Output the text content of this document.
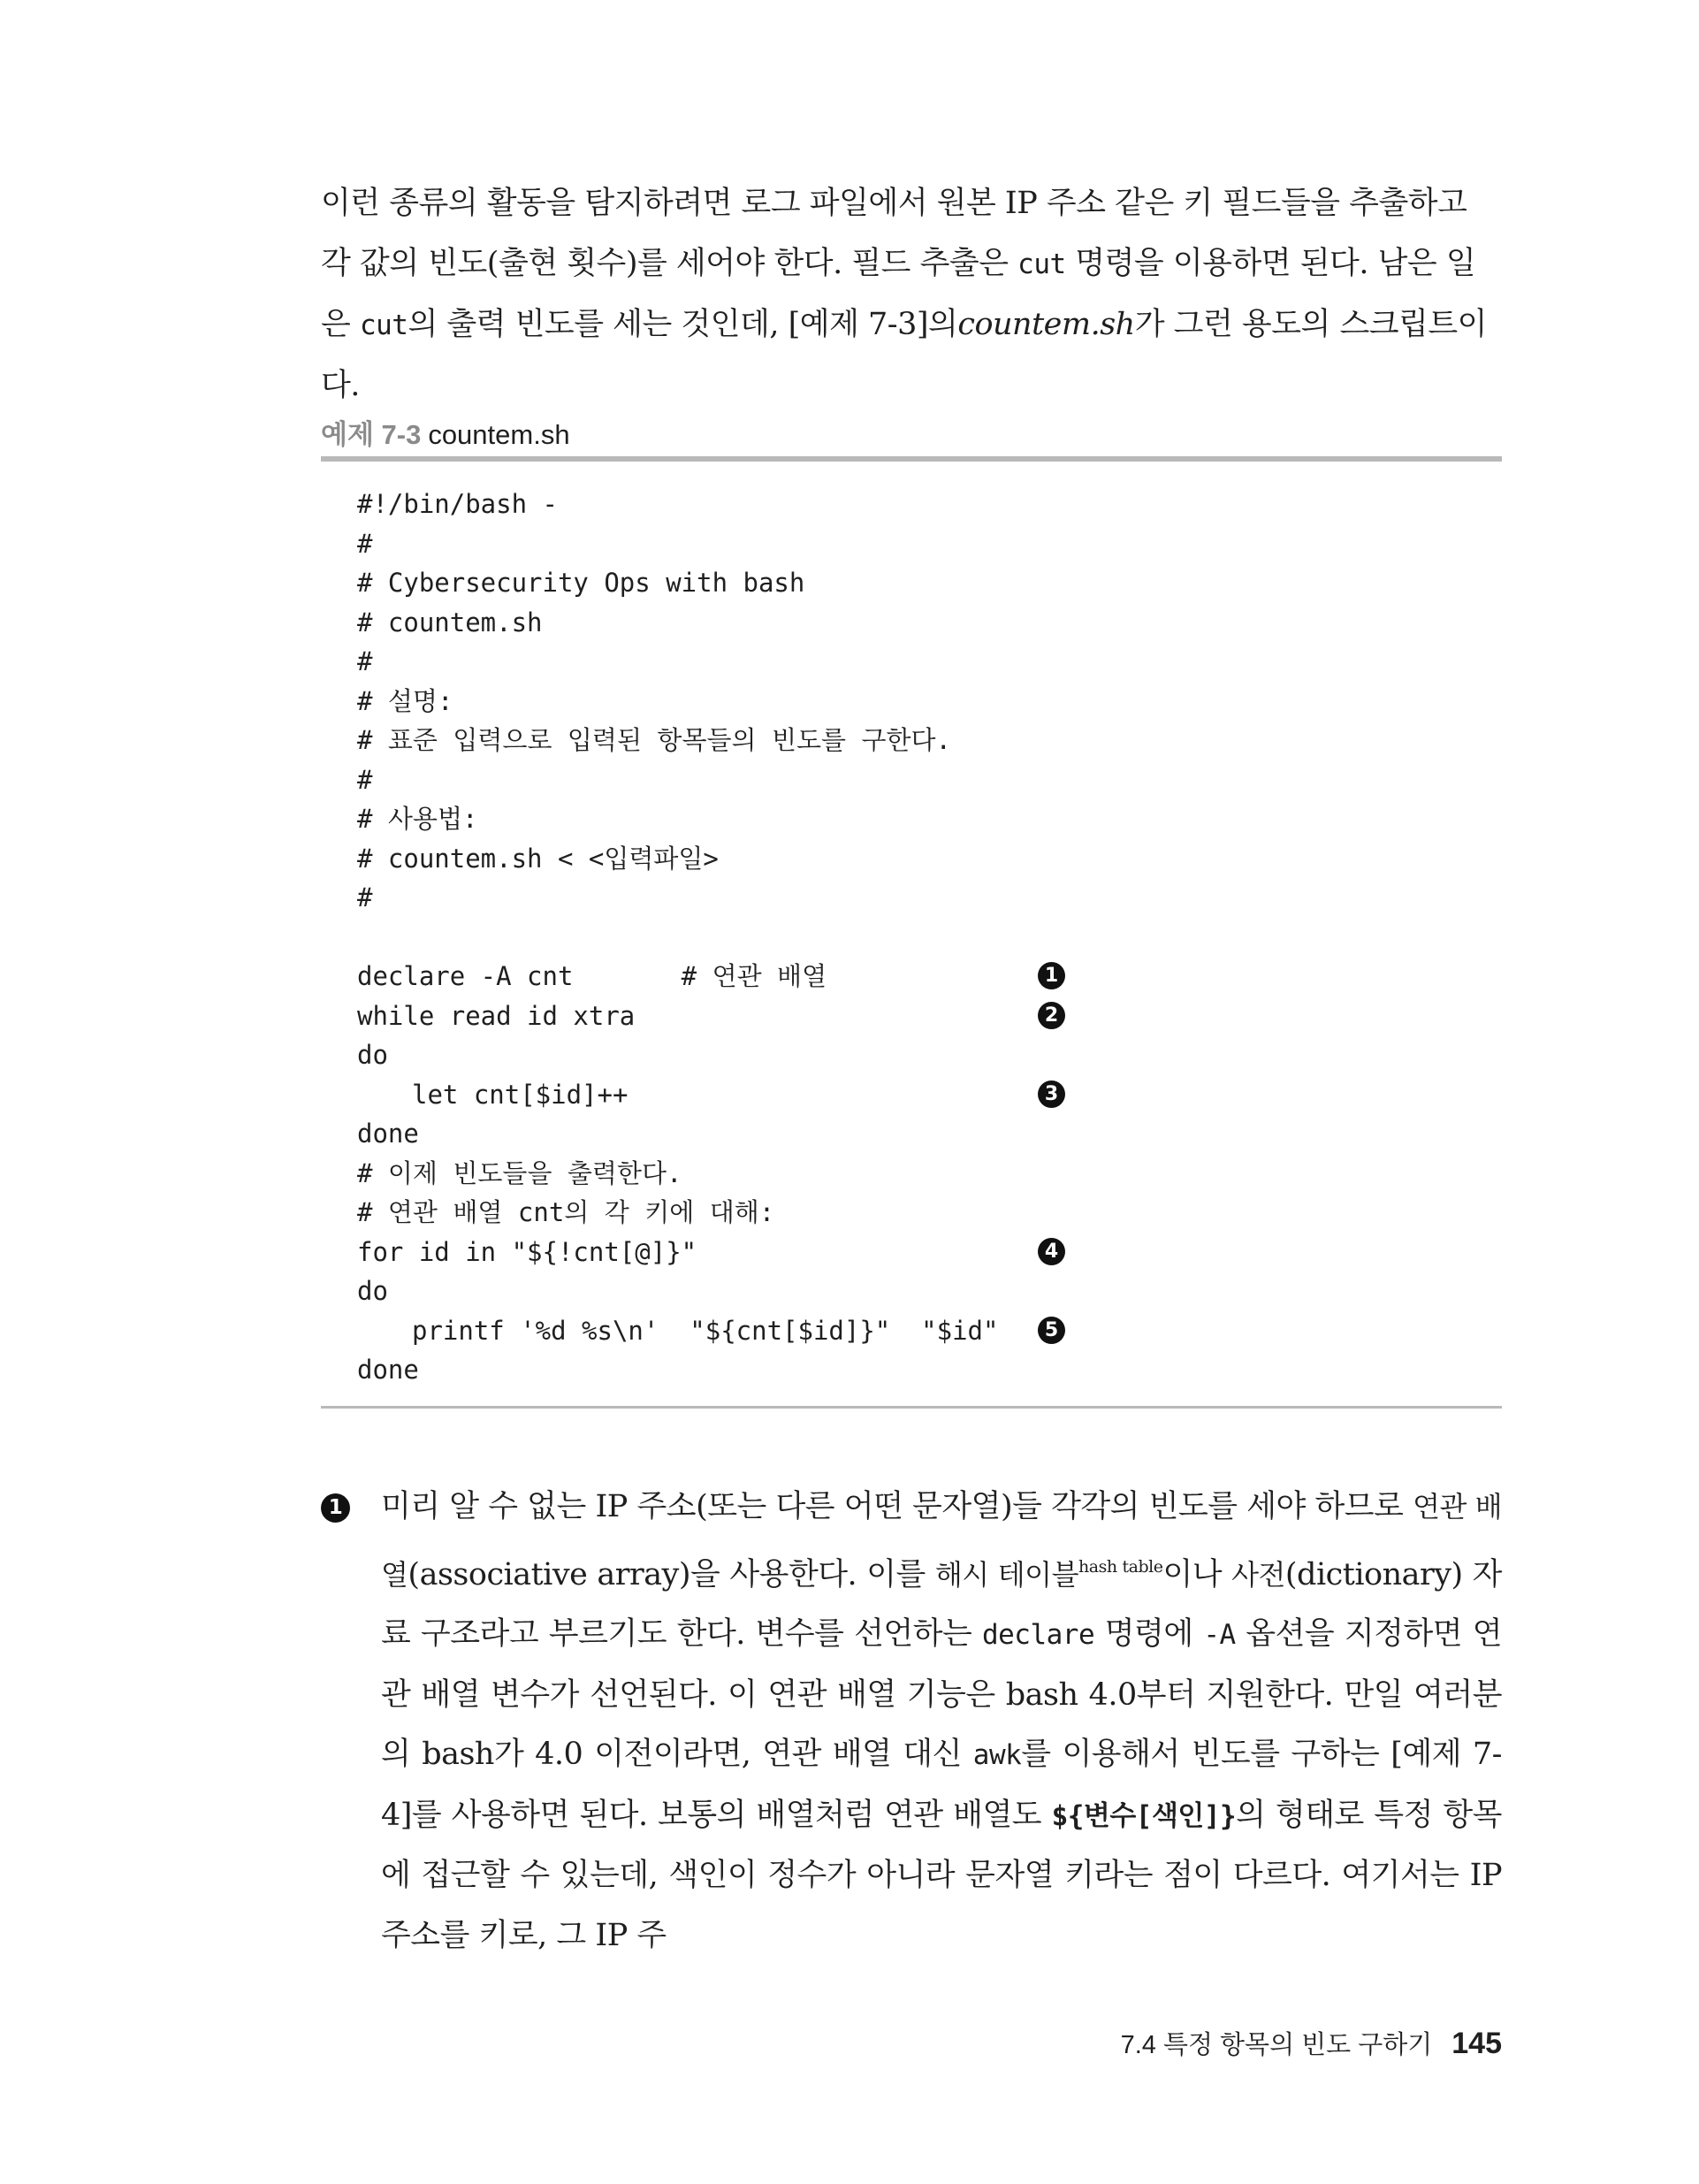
이런 종류의 활동을 탐지하려면 로그 파일에서 원본 IP 주소 같은 키 필드들을 추출하고 각 값의 빈도(출현 횟수)를 세어야 한다. 필드 추출은 cut 명령을 이용하면 된다. 남은 일은 cut의 출력 빈도를 세는 것인데, [예제 7-3]의countem.sh가 그런 용도의 스크립트이다.

예제 7-3 countem.sh
#!/bin/bash -
#
# Cybersecurity Ops with bash
# countem.sh
#
# 설명:
# 표준 입력으로 입력된 항목들의 빈도를 구한다.
#
# 사용법:
# countem.sh < <입력파일>
#
declare -A cnt       # 연관 배열	1
while read id xtra	2
do
let cnt[$id]++	3
done
# 이제 빈도들을 출력한다.
# 연관 배열 cnt의 각 키에 대해:
for id in "${!cnt[@]}"	4
do
printf '%d %s\n'  "${cnt[$id]}"  "$id"	5
done
1 미리 알 수 없는 IP 주소(또는 다른 어떤 문자열)들 각각의 빈도를 세야 하므로 연관 배열(associative array)을 사용한다. 이를 해시 테이블$^{hash table}$이나 사전(dictionary) 자료 구조라고 부르기도 한다. 변수를 선언하는 declare 명령에 -A 옵션을 지정하면 연관 배열 변수가 선언된다. 이 연관 배열 기능은 bash 4.0부터 지원한다. 만일 여러분의 bash가 4.0 이전이라면, 연관 배열 대신 awk를 이용해서 빈도를 구하는 [예제 7-4]를 사용하면 된다. 보통의 배열처럼 연관 배열도 ${변수[색인]}의 형태로 특정 항목에 접근할 수 있는데, 색인이 정수가 아니라 문자열 키라는 점이 다르다. 여기서는 IP 주소를 키로, 그 IP 주

7.4 특정 항목의 빈도 구하기 145
